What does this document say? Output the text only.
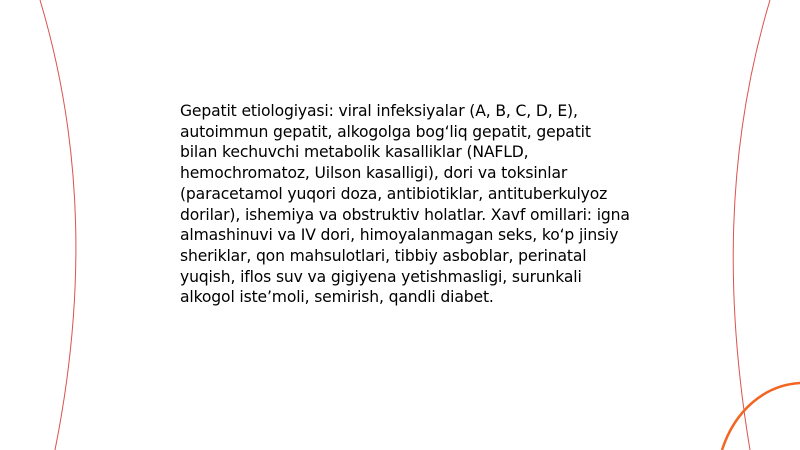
Gepatit etiologiyasi: viral infeksiyalar (A, B, C, D, E), autoimmun gepatit, alkogolga bog‘liq gepatit, gepatit bilan kechuvchi metabolik kasalliklar (NAFLD, hemochromatoz, Uilson kasalligi), dori va toksinlar (paracetamol yuqori doza, antibiotiklar, antituberkulyoz dorilar), ishemiya va obstruktiv holatlar. Xavf omillari: igna almashinuvi va IV dori, himoyalanmagan seks, ko‘p jinsiy sheriklar, qon mahsulotlari, tibbiy asboblar, perinatal yuqish, iflos suv va gigiyena yetishmasligi, surunkali alkogol iste’moli, semirish, qandli diabet.
